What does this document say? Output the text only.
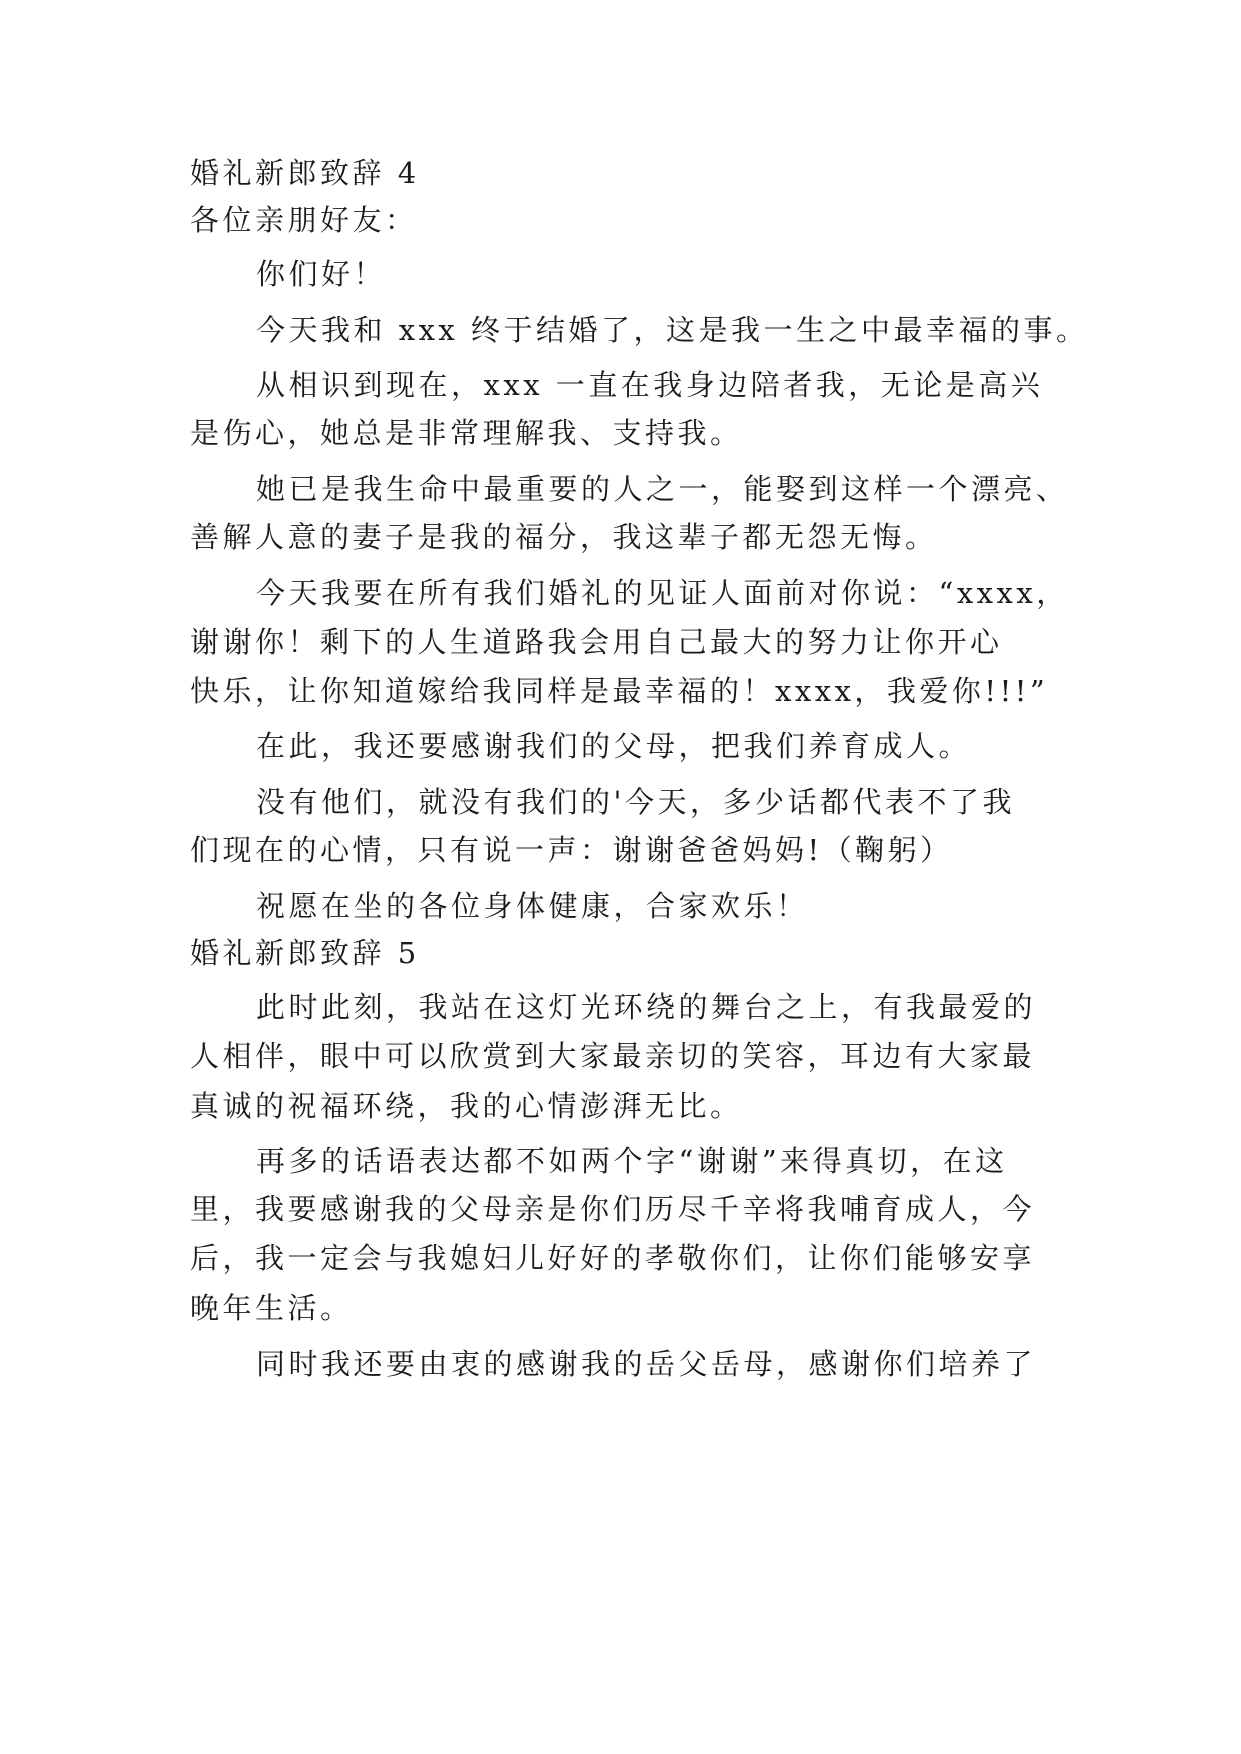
婚礼新郎致辞 4
各位亲朋好友：
你们好！
今天我和 xxx 终于结婚了，这是我一生之中最幸福的事。
从相识到现在，xxx 一直在我身边陪者我，无论是高兴
是伤心，她总是非常理解我、支持我。
她已是我生命中最重要的人之一，能娶到这样一个漂亮、
善解人意的妻子是我的福分，我这辈子都无怨无悔。
今天我要在所有我们婚礼的见证人面前对你说：“xxxx，
谢谢你！剩下的人生道路我会用自己最大的努力让你开心
快乐，让你知道嫁给我同样是最幸福的！xxxx，我爱你!!!”
在此，我还要感谢我们的父母，把我们养育成人。
没有他们，就没有我们的'今天，多少话都代表不了我
们现在的心情，只有说一声：谢谢爸爸妈妈!（鞠躬）
祝愿在坐的各位身体健康，合家欢乐！
婚礼新郎致辞 5
此时此刻，我站在这灯光环绕的舞台之上，有我最爱的
人相伴，眼中可以欣赏到大家最亲切的笑容，耳边有大家最
真诚的祝福环绕，我的心情澎湃无比。
再多的话语表达都不如两个字“谢谢”来得真切，在这
里，我要感谢我的父母亲是你们历尽千辛将我哺育成人，今
后，我一定会与我媳妇儿好好的孝敬你们，让你们能够安享
晚年生活。
同时我还要由衷的感谢我的岳父岳母，感谢你们培养了
